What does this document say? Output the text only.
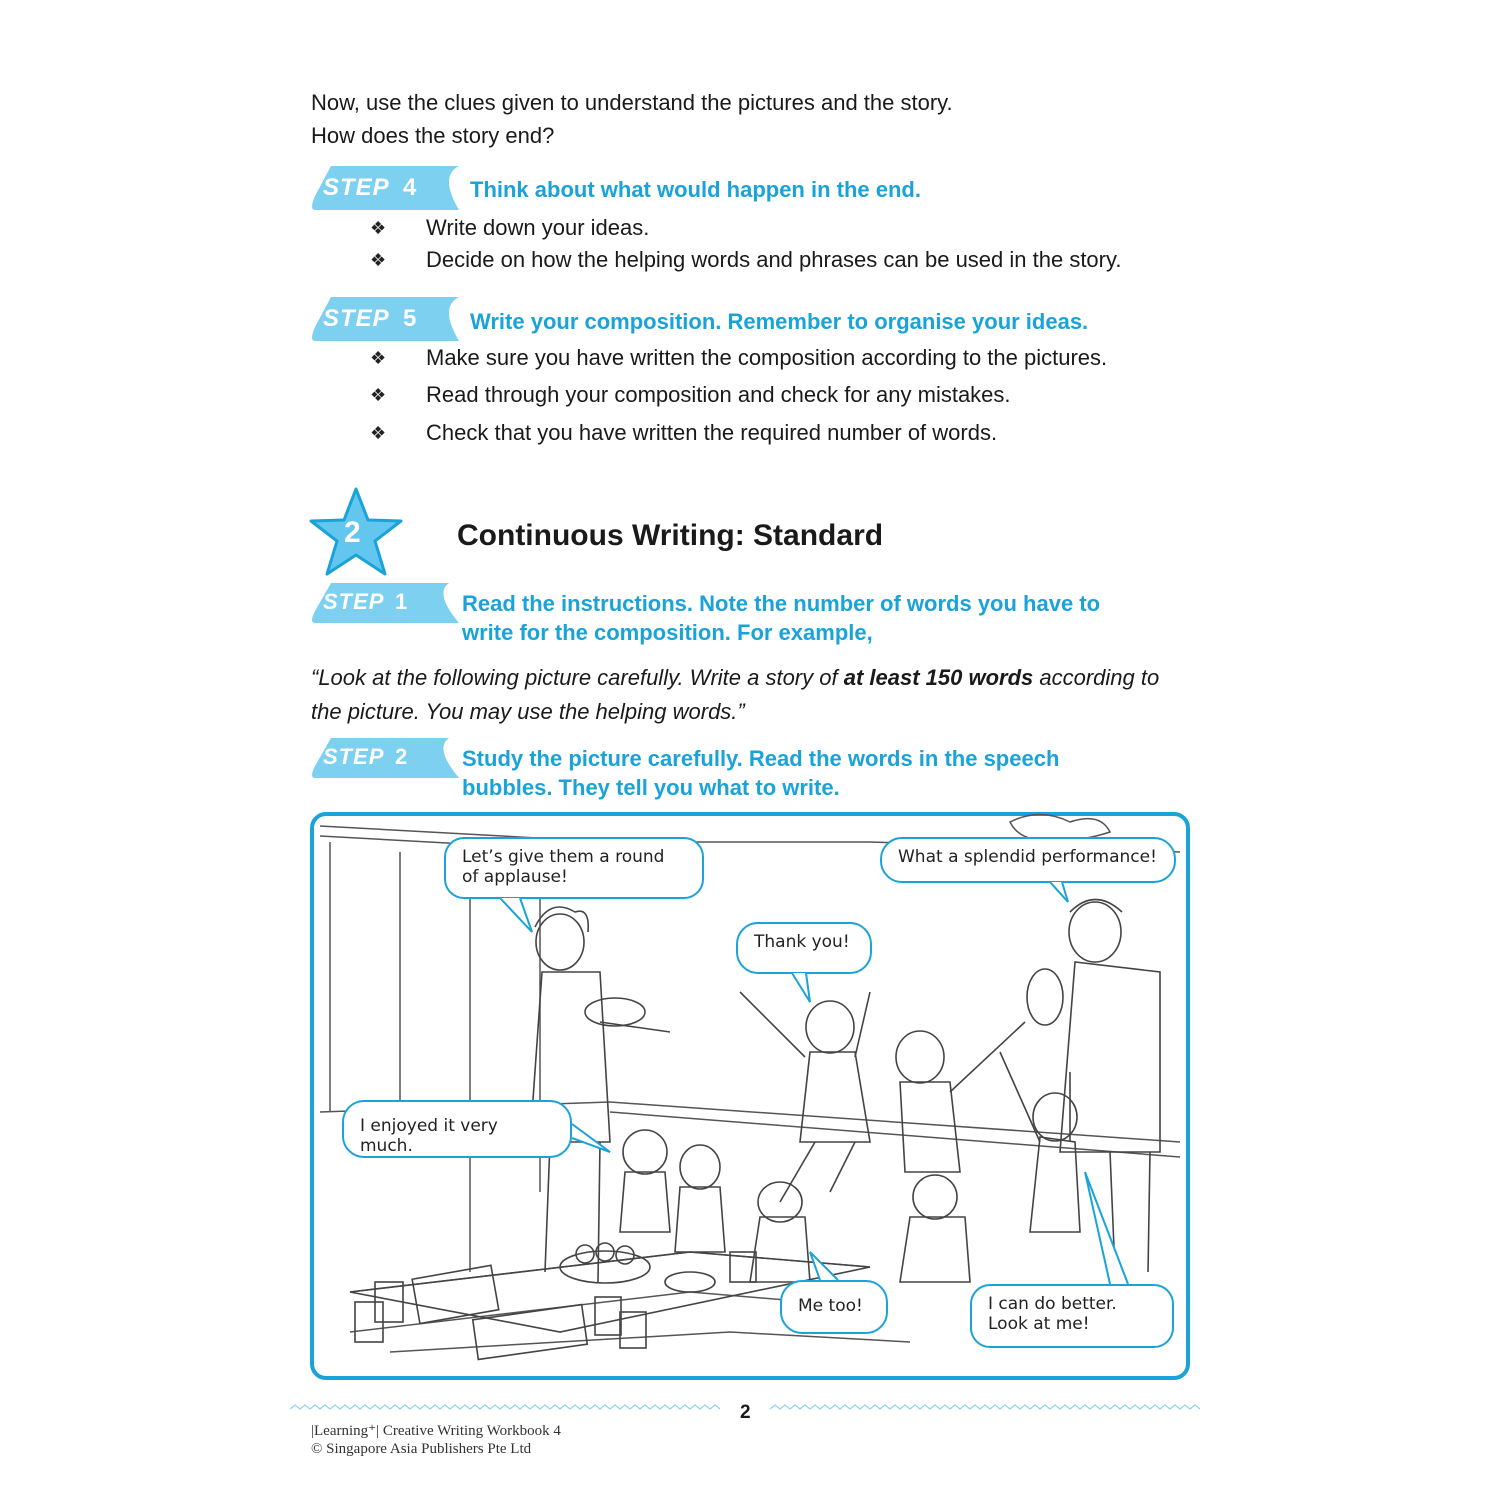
Now, use the clues given to understand the pictures and the story.
How does the story end?
STEP 4 Think about what would happen in the end.
❖ Write down your ideas.
❖ Decide on how the helping words and phrases can be used in the story.
STEP 5 Write your composition. Remember to organise your ideas.
❖ Make sure you have written the composition according to the pictures.
❖ Read through your composition and check for any mistakes.
❖ Check that you have written the required number of words.
2	Continuous Writing: Standard
STEP 1 Read the instructions. Note the number of words you have to
write for the composition. For example,
“Look at the following picture carefully. Write a story of at least 150 words according to the picture. You may use the helping words.”
STEP 2 Study the picture carefully. Read the words in the speech
bubbles. They tell you what to write.
Let’s give them a round of applause!
What a splendid performance!
Thank you!
I enjoyed it very much.
Me too!	I can do better. Look at me!
2
|Learning⁺| Creative Writing Workbook 4
© Singapore Asia Publishers Pte Ltd
